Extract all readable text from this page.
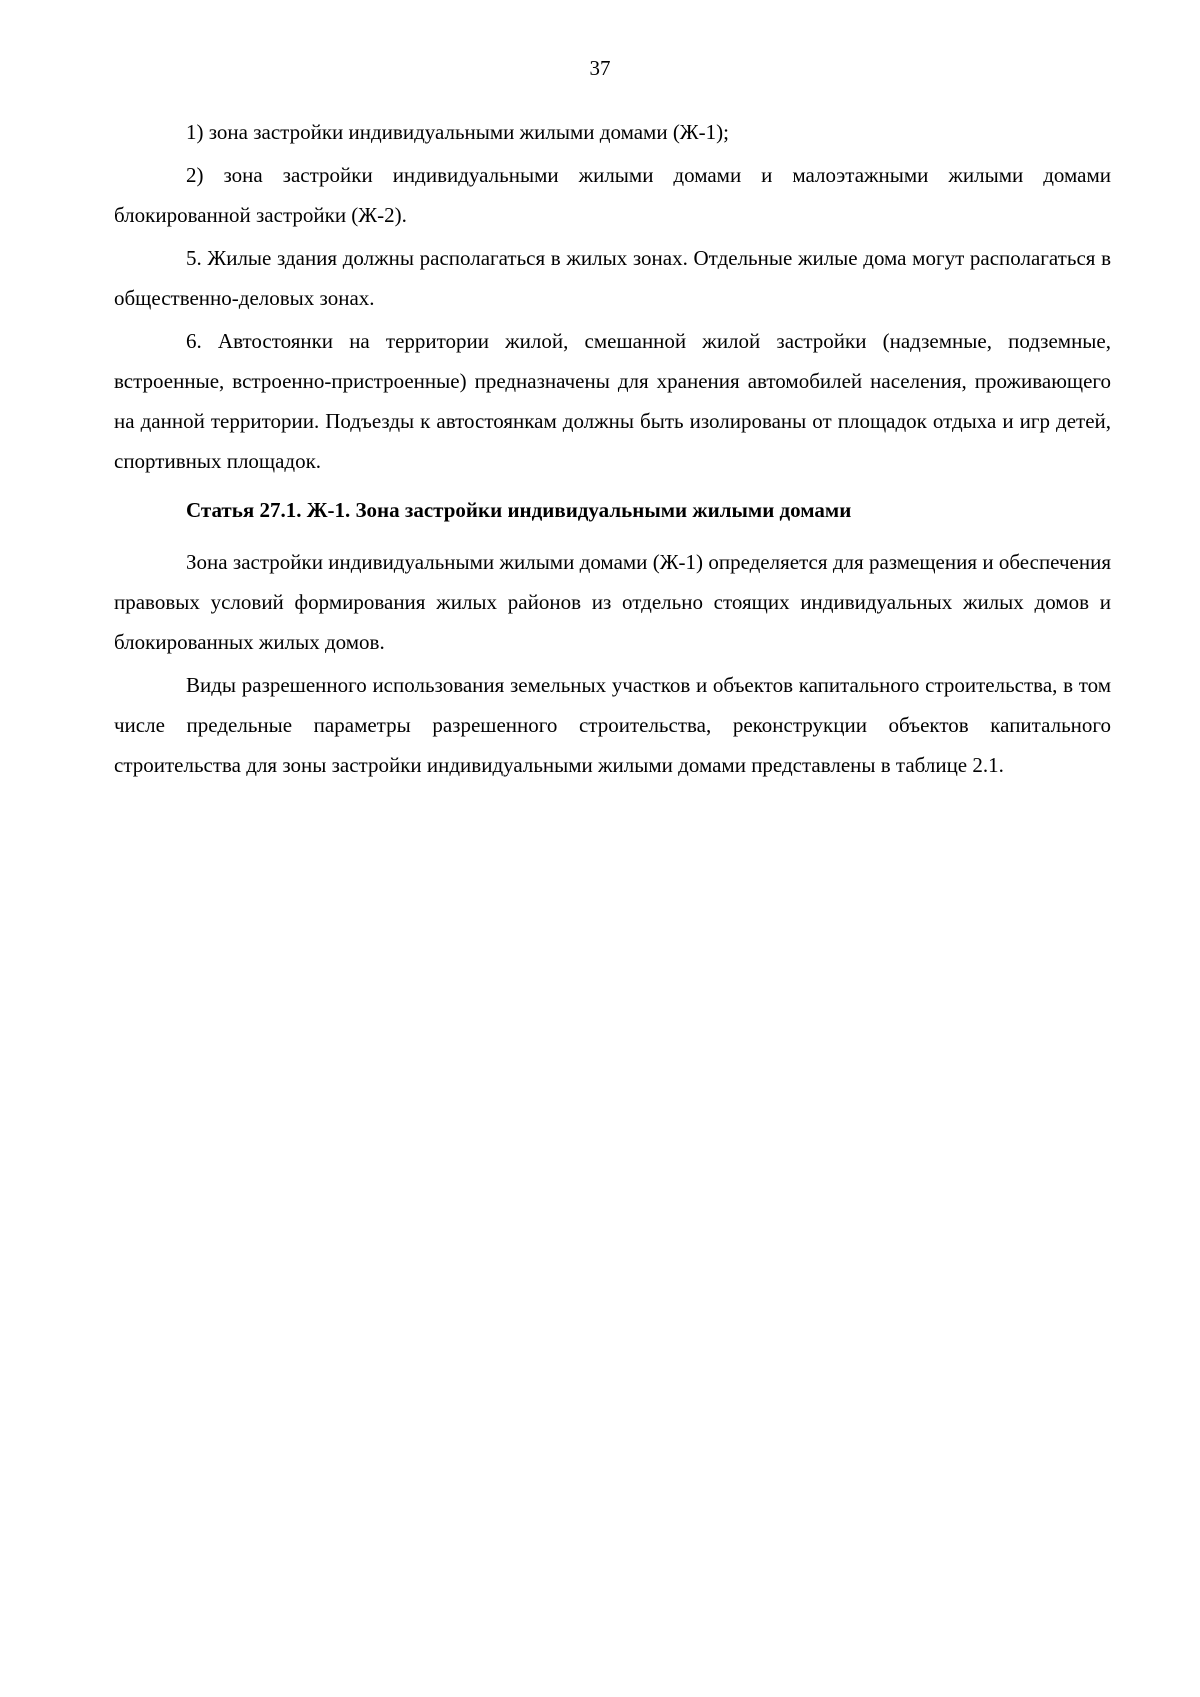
37

1) зона застройки индивидуальными жилыми домами (Ж-1);

2) зона застройки индивидуальными жилыми домами и малоэтажными жилыми домами блокированной застройки (Ж-2).

5. Жилые здания должны располагаться в жилых зонах. Отдельные жилые дома могут располагаться в общественно-деловых зонах.

6. Автостоянки на территории жилой, смешанной жилой застройки (надземные, подземные, встроенные, встроенно-пристроенные) предназначены для хранения автомобилей населения, проживающего на данной территории. Подъезды к автостоянкам должны быть изолированы от площадок отдыха и игр детей, спортивных площадок.

Статья 27.1. Ж-1. Зона застройки индивидуальными жилыми домами

Зона застройки индивидуальными жилыми домами (Ж-1) определяется для размещения и обеспечения правовых условий формирования жилых районов из отдельно стоящих индивидуальных жилых домов и блокированных жилых домов.

Виды разрешенного использования земельных участков и объектов капитального строительства, в том числе предельные параметры разрешенного строительства, реконструкции объектов капитального строительства для зоны застройки индивидуальными жилыми домами представлены в таблице 2.1.
